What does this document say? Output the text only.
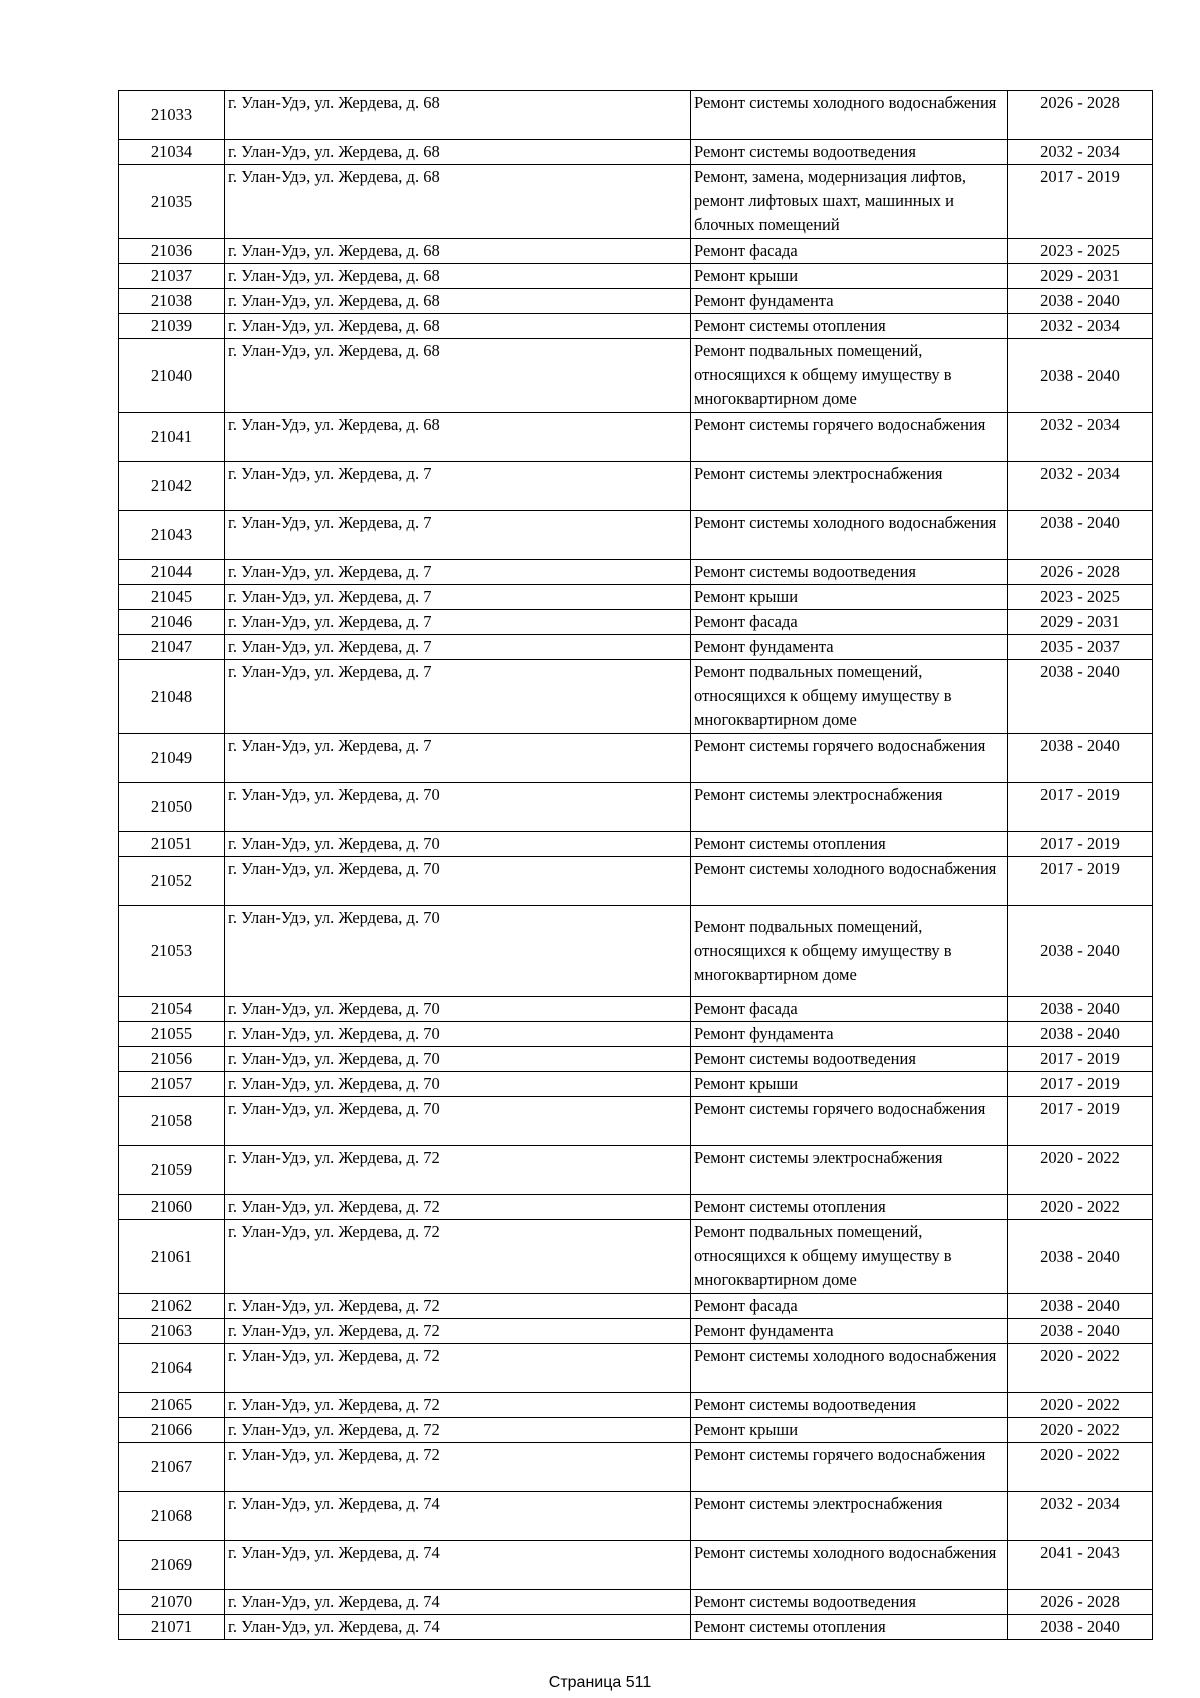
21033	г. Улан-Удэ, ул. Жердева, д. 68	Ремонт системы холодного водоснабжения	2026 - 2028
21034	г. Улан-Удэ, ул. Жердева, д. 68	Ремонт системы водоотведения	2032 - 2034
21035	г. Улан-Удэ, ул. Жердева, д. 68	Ремонт, замена, модернизация лифтов, ремонт лифтовых шахт, машинных и блочных помещений	2017 - 2019
21036	г. Улан-Удэ, ул. Жердева, д. 68	Ремонт фасада	2023 - 2025
21037	г. Улан-Удэ, ул. Жердева, д. 68	Ремонт крыши	2029 - 2031
21038	г. Улан-Удэ, ул. Жердева, д. 68	Ремонт фундамента	2038 - 2040
21039	г. Улан-Удэ, ул. Жердева, д. 68	Ремонт системы отопления	2032 - 2034
21040	г. Улан-Удэ, ул. Жердева, д. 68	Ремонт подвальных помещений, относящихся к общему имуществу в многоквартирном доме	2038 - 2040
21041	г. Улан-Удэ, ул. Жердева, д. 68	Ремонт системы горячего водоснабжения	2032 - 2034
21042	г. Улан-Удэ, ул. Жердева, д. 7	Ремонт системы электроснабжения	2032 - 2034
21043	г. Улан-Удэ, ул. Жердева, д. 7	Ремонт системы холодного водоснабжения	2038 - 2040
21044	г. Улан-Удэ, ул. Жердева, д. 7	Ремонт системы водоотведения	2026 - 2028
21045	г. Улан-Удэ, ул. Жердева, д. 7	Ремонт крыши	2023 - 2025
21046	г. Улан-Удэ, ул. Жердева, д. 7	Ремонт фасада	2029 - 2031
21047	г. Улан-Удэ, ул. Жердева, д. 7	Ремонт фундамента	2035 - 2037
21048	г. Улан-Удэ, ул. Жердева, д. 7	Ремонт подвальных помещений, относящихся к общему имуществу в многоквартирном доме	2038 - 2040
21049	г. Улан-Удэ, ул. Жердева, д. 7	Ремонт системы горячего водоснабжения	2038 - 2040
21050	г. Улан-Удэ, ул. Жердева, д. 70	Ремонт системы электроснабжения	2017 - 2019
21051	г. Улан-Удэ, ул. Жердева, д. 70	Ремонт системы отопления	2017 - 2019
21052	г. Улан-Удэ, ул. Жердева, д. 70	Ремонт системы холодного водоснабжения	2017 - 2019
21053	г. Улан-Удэ, ул. Жердева, д. 70	Ремонт подвальных помещений, относящихся к общему имуществу в многоквартирном доме	2038 - 2040
21054	г. Улан-Удэ, ул. Жердева, д. 70	Ремонт фасада	2038 - 2040
21055	г. Улан-Удэ, ул. Жердева, д. 70	Ремонт фундамента	2038 - 2040
21056	г. Улан-Удэ, ул. Жердева, д. 70	Ремонт системы водоотведения	2017 - 2019
21057	г. Улан-Удэ, ул. Жердева, д. 70	Ремонт крыши	2017 - 2019
21058	г. Улан-Удэ, ул. Жердева, д. 70	Ремонт системы горячего водоснабжения	2017 - 2019
21059	г. Улан-Удэ, ул. Жердева, д. 72	Ремонт системы электроснабжения	2020 - 2022
21060	г. Улан-Удэ, ул. Жердева, д. 72	Ремонт системы отопления	2020 - 2022
21061	г. Улан-Удэ, ул. Жердева, д. 72	Ремонт подвальных помещений, относящихся к общему имуществу в многоквартирном доме	2038 - 2040
21062	г. Улан-Удэ, ул. Жердева, д. 72	Ремонт фасада	2038 - 2040
21063	г. Улан-Удэ, ул. Жердева, д. 72	Ремонт фундамента	2038 - 2040
21064	г. Улан-Удэ, ул. Жердева, д. 72	Ремонт системы холодного водоснабжения	2020 - 2022
21065	г. Улан-Удэ, ул. Жердева, д. 72	Ремонт системы водоотведения	2020 - 2022
21066	г. Улан-Удэ, ул. Жердева, д. 72	Ремонт крыши	2020 - 2022
21067	г. Улан-Удэ, ул. Жердева, д. 72	Ремонт системы горячего водоснабжения	2020 - 2022
21068	г. Улан-Удэ, ул. Жердева, д. 74	Ремонт системы электроснабжения	2032 - 2034
21069	г. Улан-Удэ, ул. Жердева, д. 74	Ремонт системы холодного водоснабжения	2041 - 2043
21070	г. Улан-Удэ, ул. Жердева, д. 74	Ремонт системы водоотведения	2026 - 2028
21071	г. Улан-Удэ, ул. Жердева, д. 74	Ремонт системы отопления	2038 - 2040
Страница 511
